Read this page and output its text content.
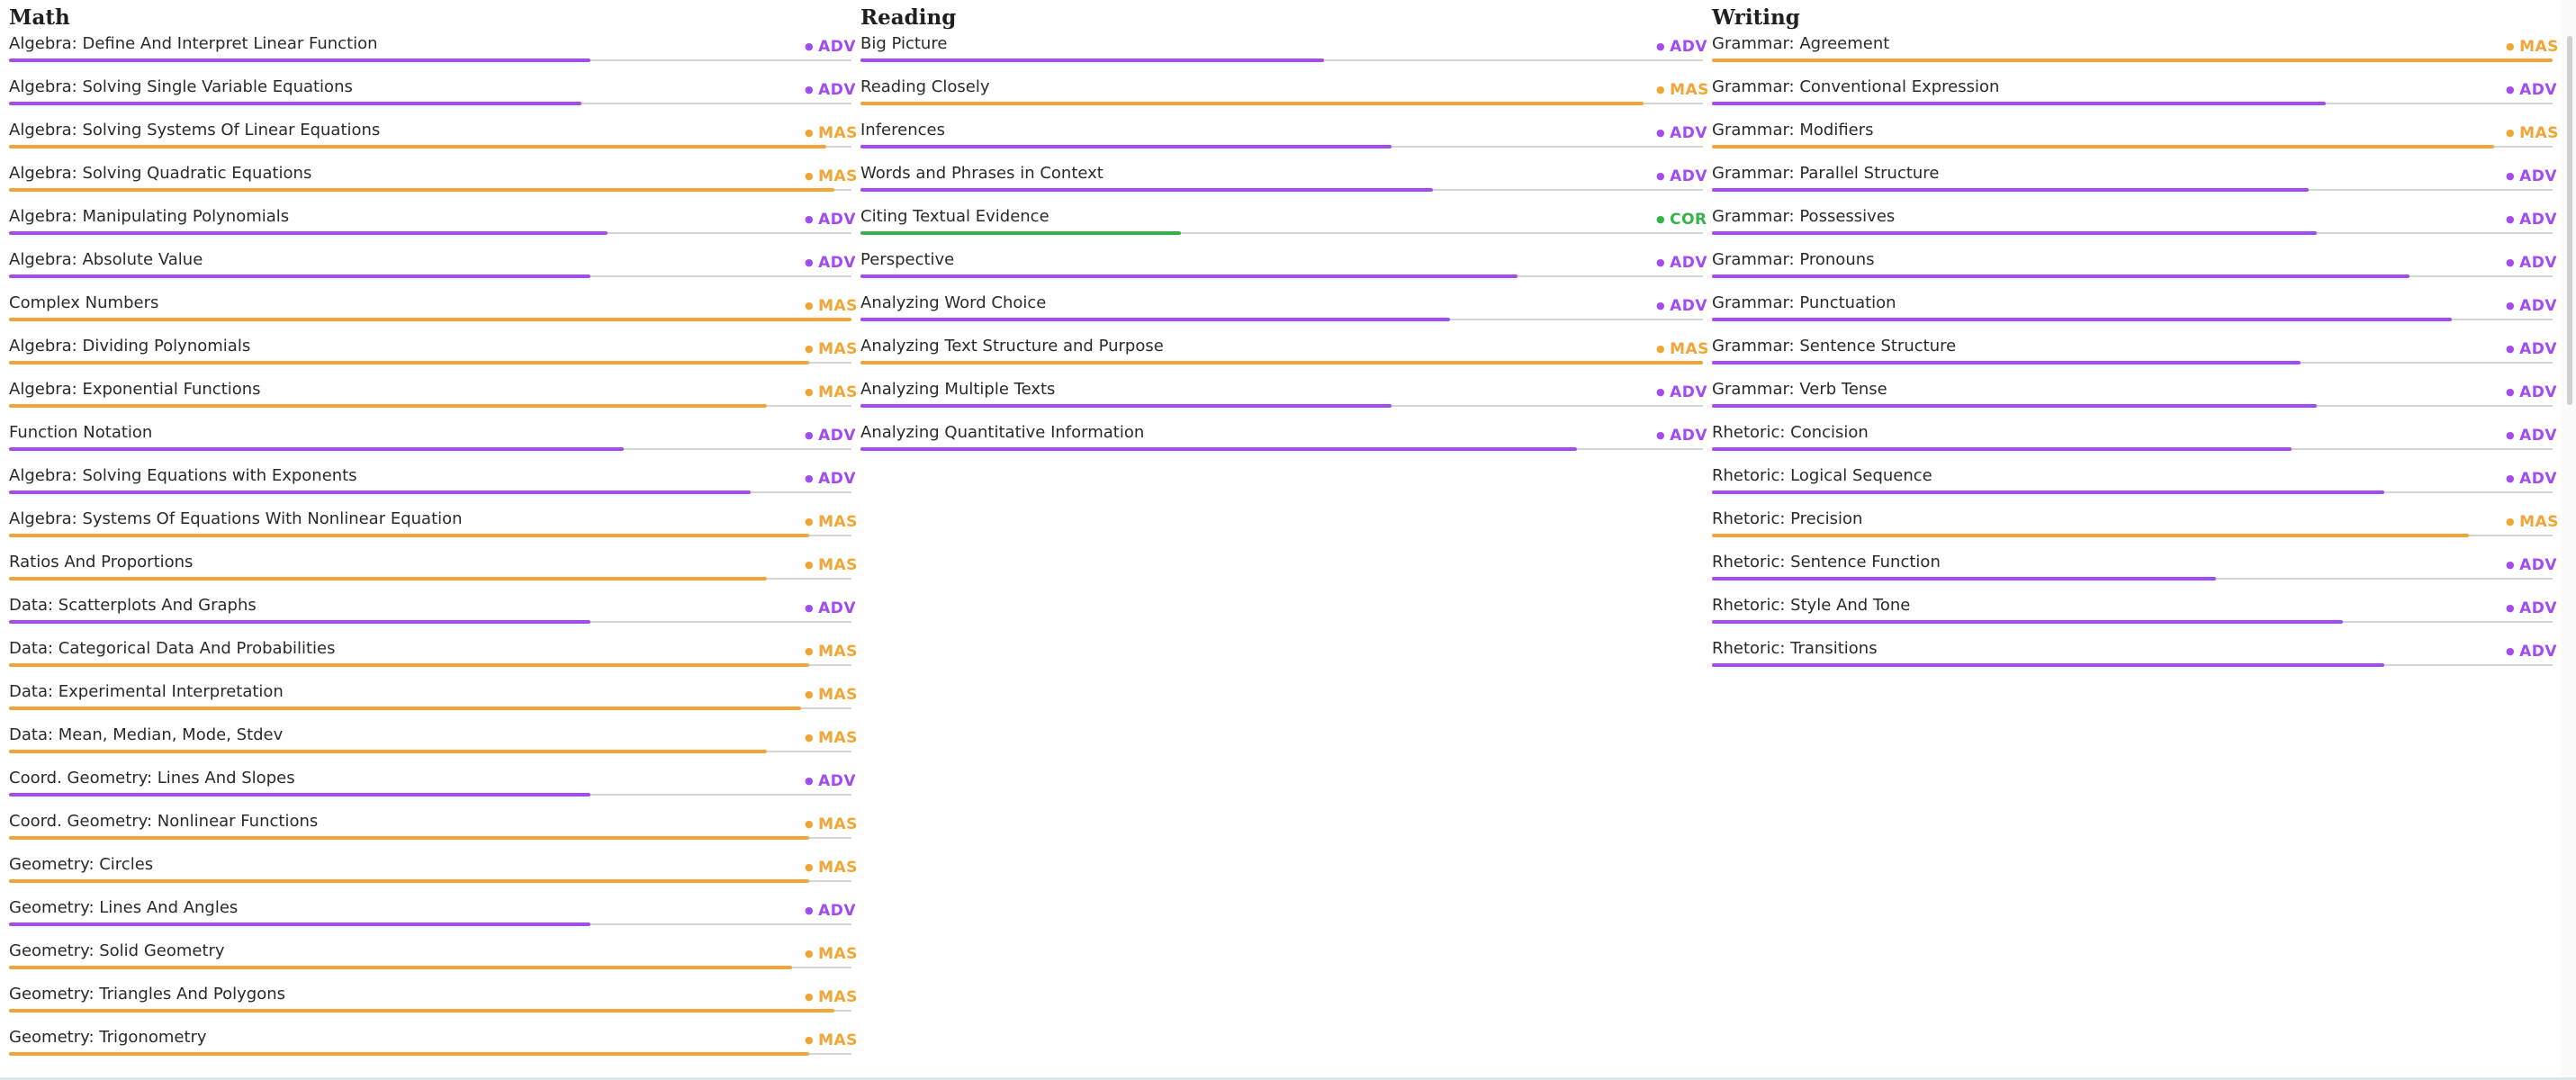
Math
Algebra: Define And Interpret Linear Function	● ADV
Algebra: Solving Single Variable Equations	● ADV
Algebra: Solving Systems Of Linear Equations	● MAS
Algebra: Solving Quadratic Equations	● MAS
Algebra: Manipulating Polynomials	● ADV
Algebra: Absolute Value	● ADV
Complex Numbers	● MAS
Algebra: Dividing Polynomials	● MAS
Algebra: Exponential Functions	● MAS
Function Notation	● ADV
Algebra: Solving Equations with Exponents	● ADV
Algebra: Systems Of Equations With Nonlinear Equation	● MAS
Ratios And Proportions	● MAS
Data: Scatterplots And Graphs	● ADV
Data: Categorical Data And Probabilities	● MAS
Data: Experimental Interpretation	● MAS
Data: Mean, Median, Mode, Stdev	● MAS
Coord. Geometry: Lines And Slopes	● ADV
Coord. Geometry: Nonlinear Functions	● MAS
Geometry: Circles	● MAS
Geometry: Lines And Angles	● ADV
Geometry: Solid Geometry	● MAS
Geometry: Triangles And Polygons	● MAS
Geometry: Trigonometry	● MAS
Reading
Big Picture	● ADV
Reading Closely	● MAS
Inferences	● ADV
Words and Phrases in Context	● ADV
Citing Textual Evidence	● COR
Perspective	● ADV
Analyzing Word Choice	● ADV
Analyzing Text Structure and Purpose	● MAS
Analyzing Multiple Texts	● ADV
Analyzing Quantitative Information	● ADV
Writing
Grammar: Agreement	● MAS
Grammar: Conventional Expression	● ADV
Grammar: Modifiers	● MAS
Grammar: Parallel Structure	● ADV
Grammar: Possessives	● ADV
Grammar: Pronouns	● ADV
Grammar: Punctuation	● ADV
Grammar: Sentence Structure	● ADV
Grammar: Verb Tense	● ADV
Rhetoric: Concision	● ADV
Rhetoric: Logical Sequence	● ADV
Rhetoric: Precision	● MAS
Rhetoric: Sentence Function	● ADV
Rhetoric: Style And Tone	● ADV
Rhetoric: Transitions	● ADV
